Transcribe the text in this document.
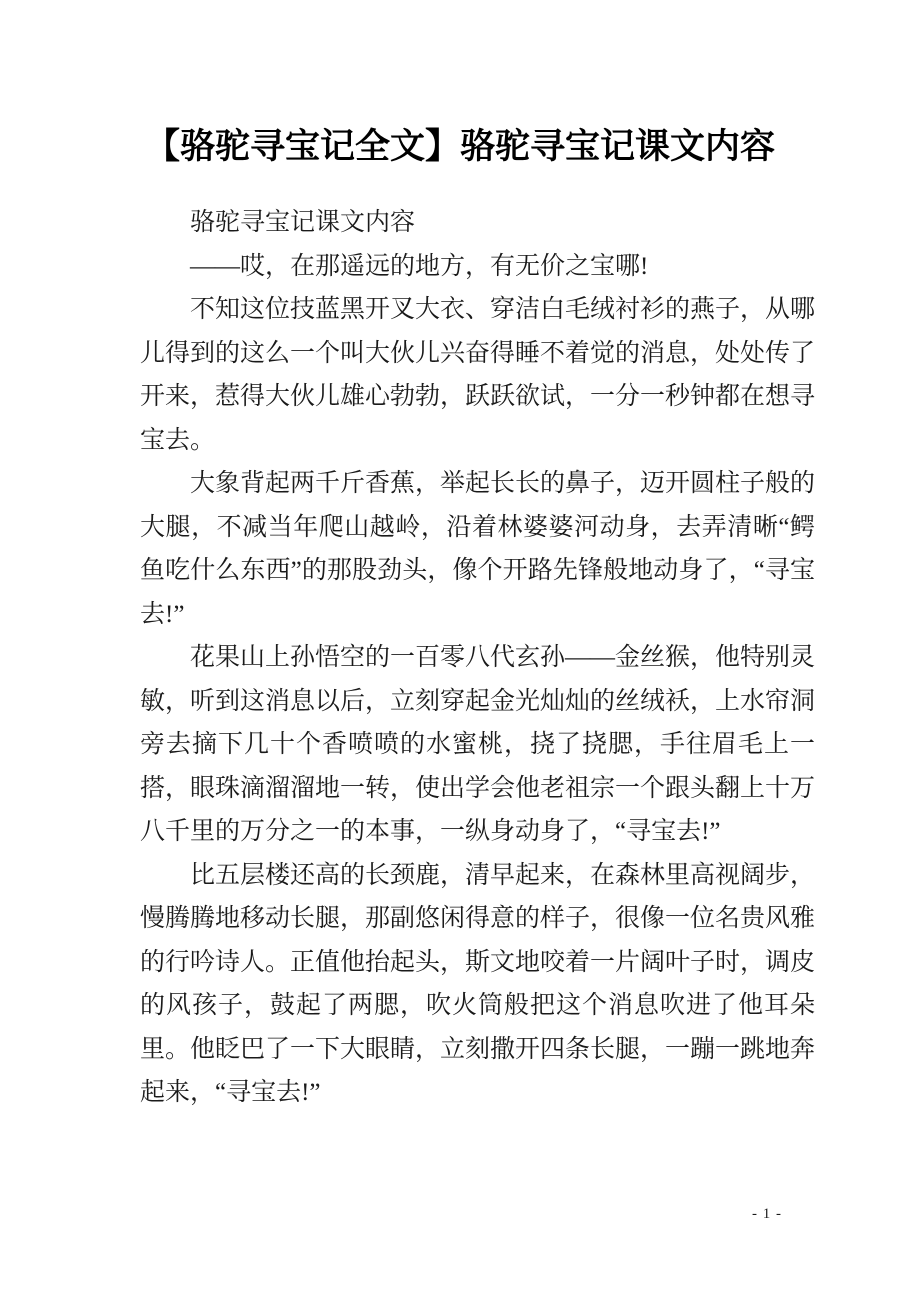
【骆驼寻宝记全文】骆驼寻宝记课文内容

骆驼寻宝记课文内容

——哎，在那遥远的地方，有无价之宝哪!

不知这位技蓝黑开叉大衣、穿洁白毛绒衬衫的燕子，从哪儿得到的这么一个叫大伙儿兴奋得睡不着觉的消息，处处传了开来，惹得大伙儿雄心勃勃，跃跃欲试，一分一秒钟都在想寻宝去。

大象背起两千斤香蕉，举起长长的鼻子，迈开圆柱子般的大腿，不减当年爬山越岭，沿着林婆婆河动身，去弄清晰“鳄鱼吃什么东西”的那股劲头，像个开路先锋般地动身了，“寻宝去!”

花果山上孙悟空的一百零八代玄孙——金丝猴，他特别灵敏，听到这消息以后，立刻穿起金光灿灿的丝绒袄，上水帘洞旁去摘下几十个香喷喷的水蜜桃，挠了挠腮，手往眉毛上一搭，眼珠滴溜溜地一转，使出学会他老祖宗一个跟头翻上十万八千里的万分之一的本事，一纵身动身了，“寻宝去!”

比五层楼还高的长颈鹿，清早起来，在森林里高视阔步，慢腾腾地移动长腿，那副悠闲得意的样子，很像一位名贵风雅的行吟诗人。正值他抬起头，斯文地咬着一片阔叶子时，调皮的风孩子，鼓起了两腮，吹火筒般把这个消息吹进了他耳朵里。他眨巴了一下大眼睛，立刻撒开四条长腿，一蹦一跳地奔起来，“寻宝去!”

- 1 -
